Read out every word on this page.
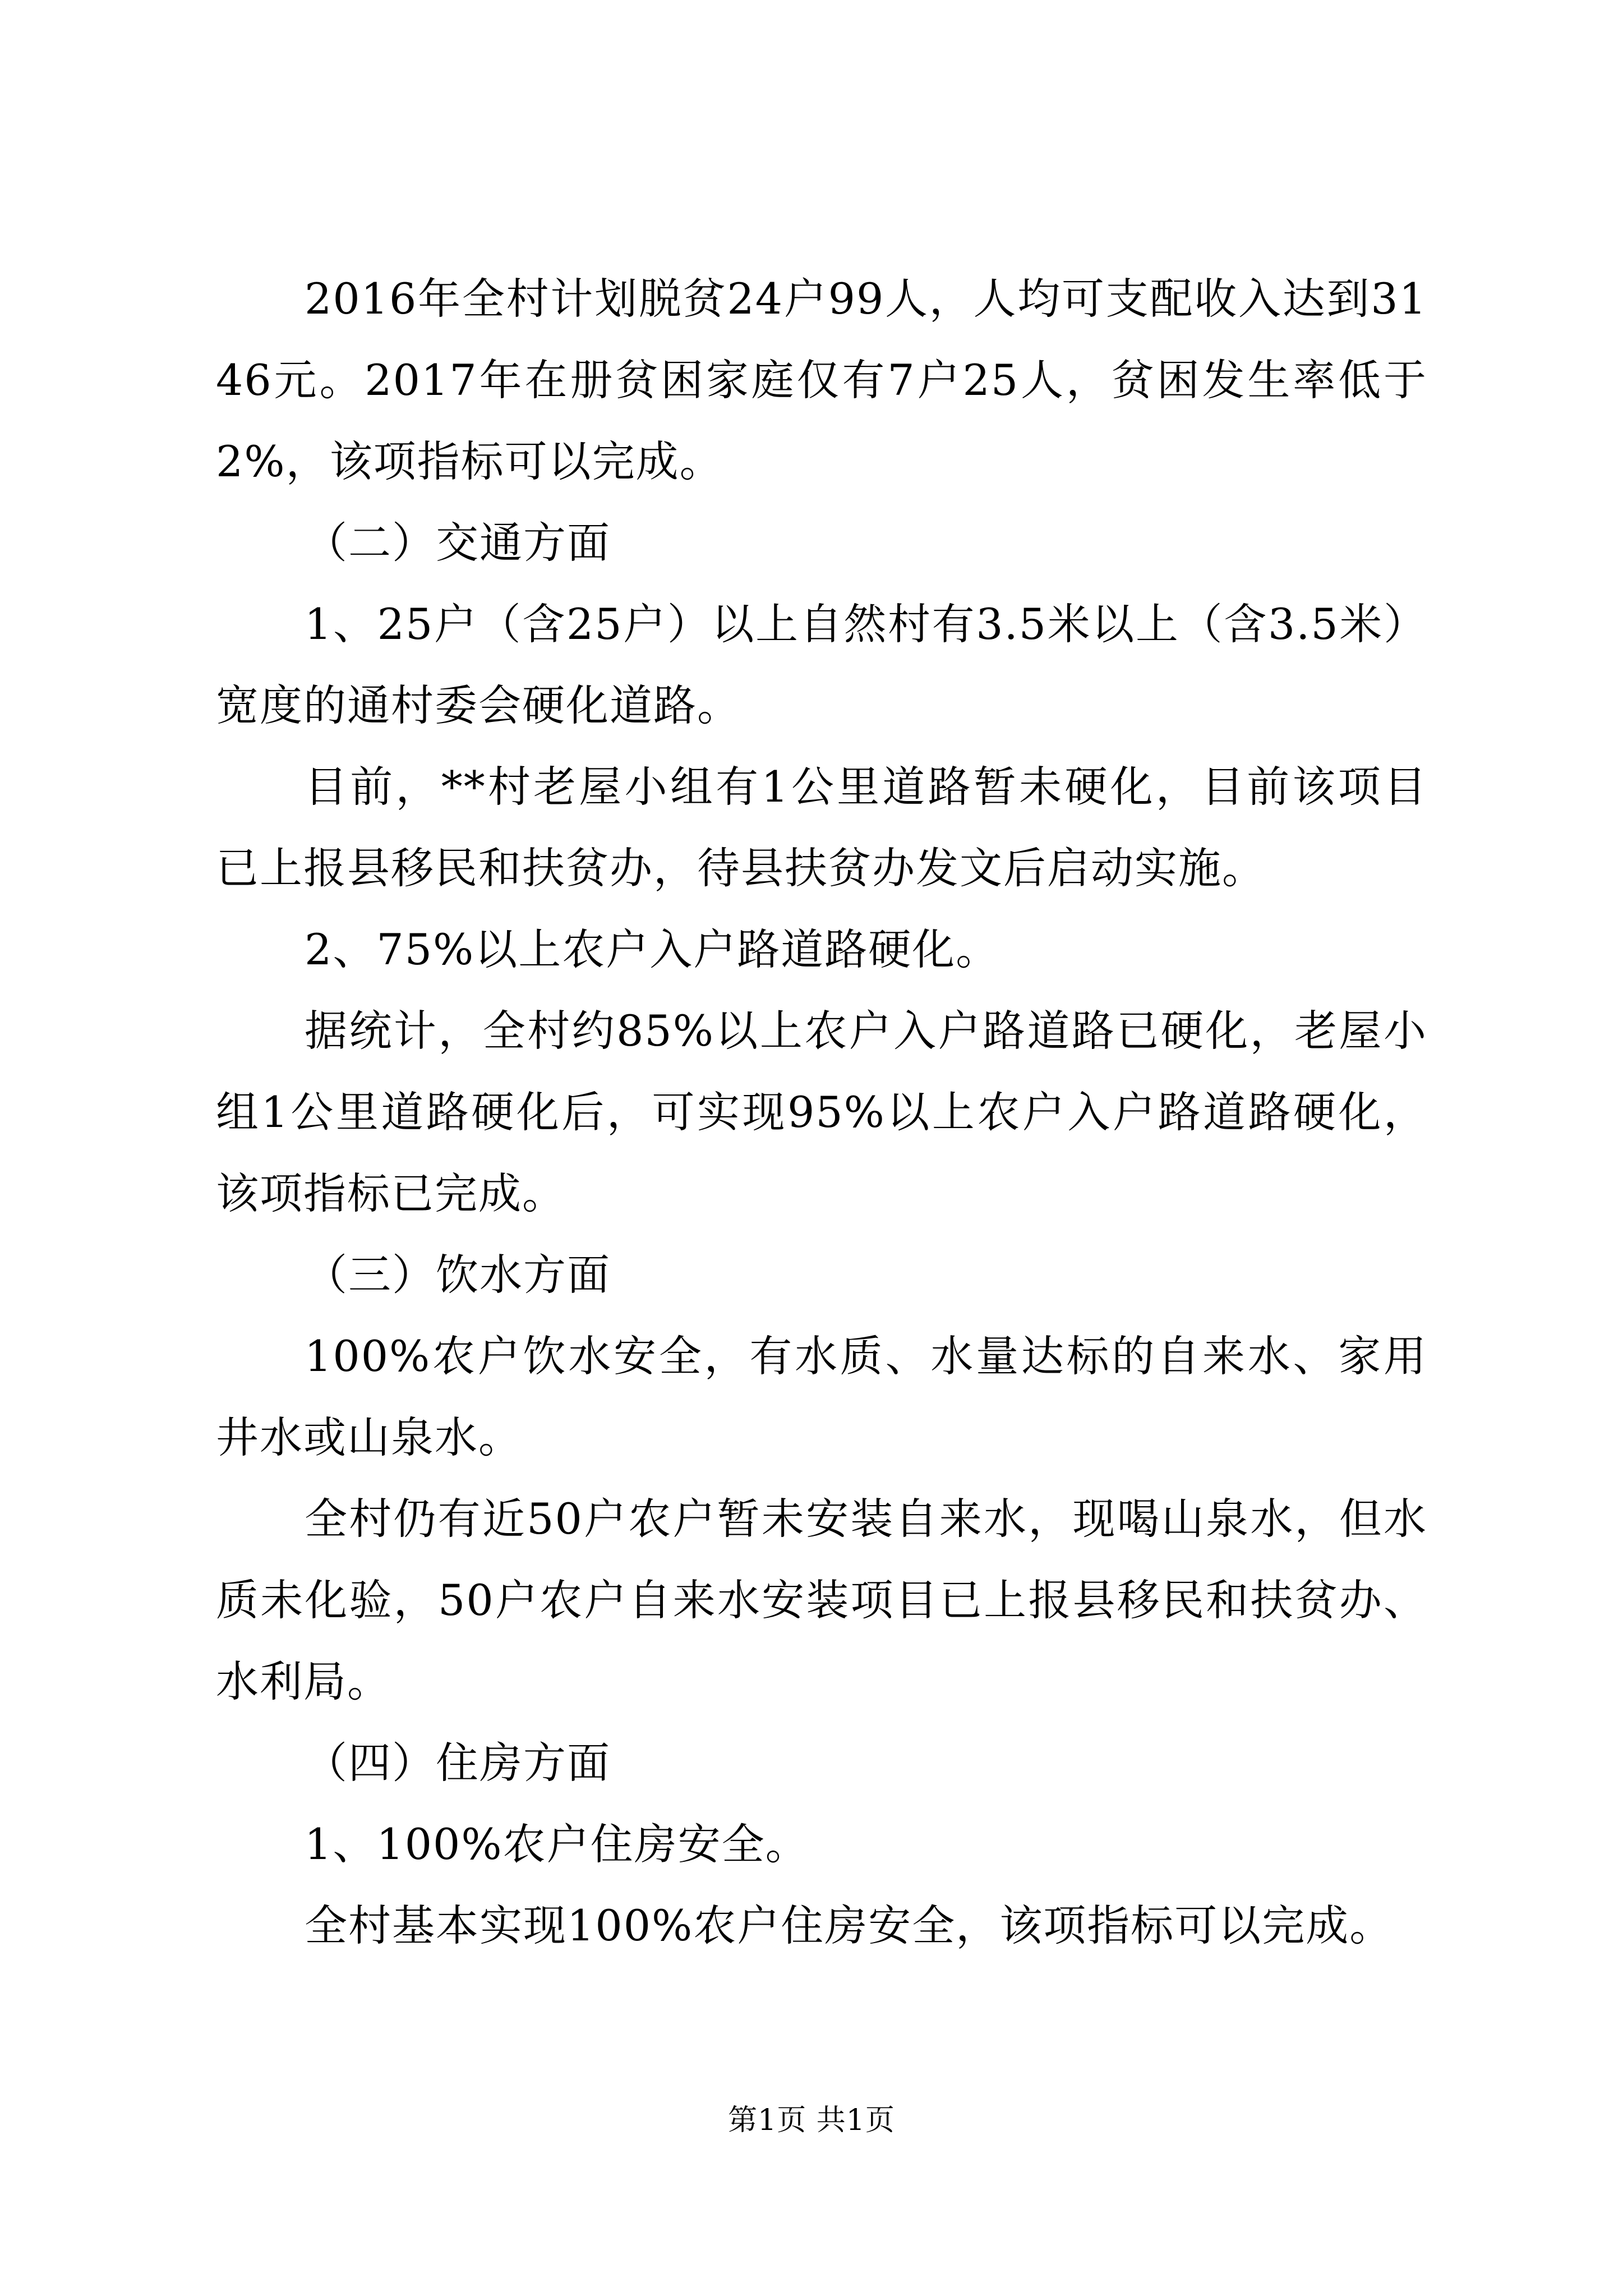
2016年全村计划脱贫24户99人，人均可支配收入达到3146元。2017年在册贫困家庭仅有7户25人，贫困发生率低于2%，该项指标可以完成。

（二）交通方面

1、25户（含25户）以上自然村有3.5米以上（含3.5米）宽度的通村委会硬化道路。

目前，**村老屋小组有1公里道路暂未硬化，目前该项目已上报县移民和扶贫办，待县扶贫办发文后启动实施。

2、75%以上农户入户路道路硬化。

据统计，全村约85%以上农户入户路道路已硬化，老屋小组1公里道路硬化后，可实现95%以上农户入户路道路硬化，该项指标已完成。

（三）饮水方面

100%农户饮水安全，有水质、水量达标的自来水、家用井水或山泉水。

全村仍有近50户农户暂未安装自来水，现喝山泉水，但水质未化验，50户农户自来水安装项目已上报县移民和扶贫办、水利局。

（四）住房方面

1、100%农户住房安全。

全村基本实现100%农户住房安全，该项指标可以完成。

第1页 共1页
